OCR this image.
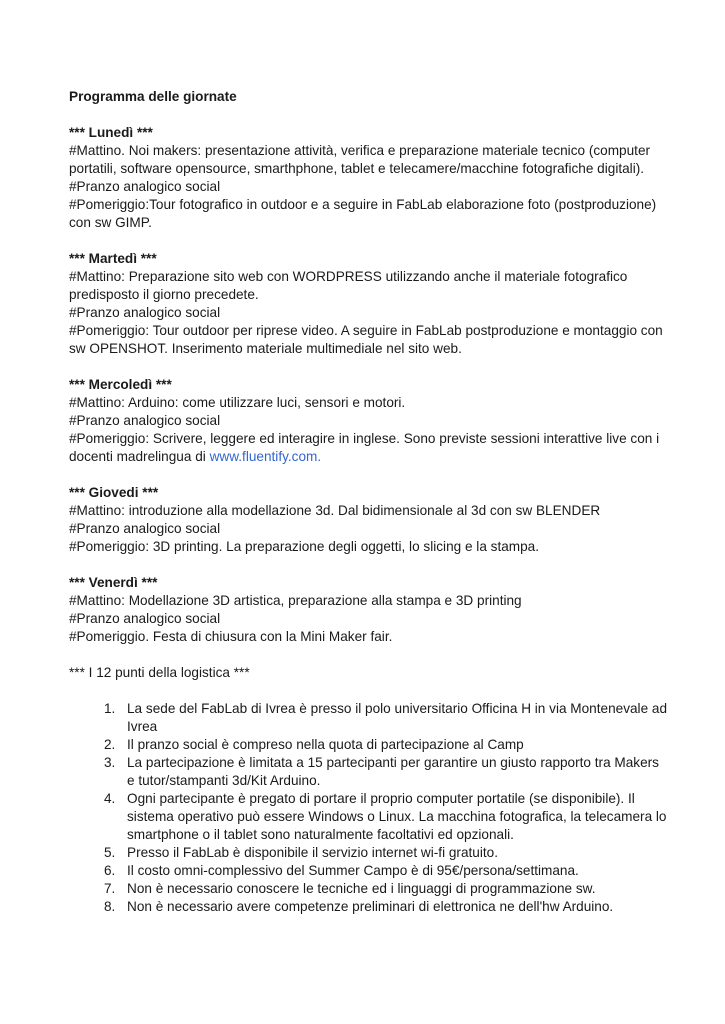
Programma delle giornate
*** Lunedì ***
#Mattino. Noi makers: presentazione attività, verifica e preparazione materiale tecnico (computer portatili, software opensource, smarthphone, tablet e telecamere/macchine fotografiche digitali).
#Pranzo analogico social
#Pomeriggio:Tour fotografico in outdoor e a seguire in FabLab elaborazione foto (postproduzione) con sw GIMP.
*** Martedì ***
#Mattino: Preparazione sito web con WORDPRESS utilizzando anche il materiale fotografico predisposto il giorno precedete.
#Pranzo analogico social
#Pomeriggio: Tour outdoor per riprese video. A seguire in FabLab postproduzione e montaggio con sw OPENSHOT. Inserimento materiale multimediale nel sito web.
*** Mercoledì ***
#Mattino: Arduino: come utilizzare luci, sensori e motori.
#Pranzo analogico social
#Pomeriggio: Scrivere, leggere ed interagire in inglese. Sono previste sessioni interattive live con i docenti madrelingua di www.fluentify.com.
*** Giovedi ***
#Mattino: introduzione alla modellazione 3d. Dal bidimensionale al 3d con sw BLENDER
#Pranzo analogico social
#Pomeriggio: 3D printing. La preparazione degli oggetti, lo slicing e la stampa.
*** Venerdì ***
#Mattino: Modellazione 3D artistica, preparazione alla stampa e 3D printing
#Pranzo analogico social
#Pomeriggio. Festa di chiusura con la Mini Maker fair.
*** I 12 punti della logistica ***
1. La sede del FabLab di Ivrea è presso il polo universitario Officina H in via Montenevale ad Ivrea
2. Il pranzo social è compreso nella quota di partecipazione al Camp
3. La partecipazione è limitata a 15 partecipanti per garantire un giusto rapporto tra Makers e tutor/stampanti 3d/Kit Arduino.
4. Ogni partecipante è pregato di portare il proprio computer portatile (se disponibile). Il sistema operativo può essere Windows o Linux. La macchina fotografica, la telecamera lo smartphone o il tablet sono naturalmente facoltativi ed opzionali.
5. Presso il FabLab è disponibile il servizio internet wi-fi gratuito.
6. Il costo omni-complessivo del Summer Campo è di 95€/persona/settimana.
7. Non è necessario conoscere le tecniche ed i linguaggi di programmazione sw.
8. Non è necessario avere competenze preliminari di elettronica ne dell'hw Arduino.
